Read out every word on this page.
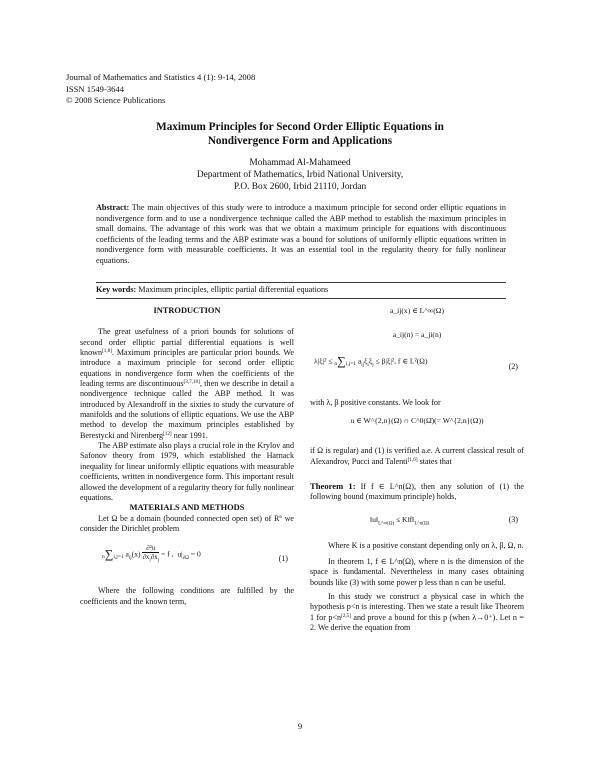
Journal of Mathematics and Statistics 4 (1): 9-14, 2008
ISSN 1549-3644
© 2008 Science Publications
Maximum Principles for Second Order Elliptic Equations in
Nondivergence Form and Applications
Mohammad Al-Mahameed
Department of Mathematics, Irbid National University,
P.O. Box 2600, Irbid 21110, Jordan
Abstract: The main objectives of this study were to introduce a maximum principle for second order elliptic equations in nondivergence form and to use a nondivergence technique called the ABP method to establish the maximum principles in small domains. The advantage of this work was that we obtain a maximum principle for equations with discontinuous coefficients of the leading terms and the ABP estimate was a bound for solutions of uniformly elliptic equations written in nondivergence form with measurable coefficients. It was an essential tool in the regularity theory for fully nonlinear equations.
Key words: Maximum principles, elliptic partial differential equations
INTRODUCTION

The great usefulness of a priori bounds for solutions of second order elliptic partial differential equations is well known[1,8]. Maximum principles are particular priori bounds. We introduce a maximum principle for second order elliptic equations in nondivergence form when the coefficients of the leading terms are discontinuous[3,7,10], then we describe in detail a nondivergence technique called the ABP method. It was introduced by Alexandroff in the sixties to study the curvature of manifolds and the solutions of elliptic equations. We use the ABP method to develop the maximum principles established by Berestycki and Nirenberg[12] near 1991.

The ABP estimate also plays a crucial role in the Krylov and Safonov theory from 1979, which established the Harnack inequality for linear uniformly elliptic equations with measurable coefficients, written in nondivergence form. This important result allowed the development of a regularity theory for fully nonlinear equations.

MATERIALS AND METHODS

Let Ω be a domain (bounded connected open set) of $R^n$ we consider the Dirichlet problem

n∑i,j=1 $a_{ij}(x) \frac{\text{∂²u}}{\partial x_i\partial x_j} = f$ ,  $u|_{\partial\Omega} = 0$
(1)

Where the following conditions are fulfilled by the coefficients and the known term,

a_ij(x) ∈ L^∞(Ω)
a_ij(n) = a_ji(n)
λ|ξ|² ≤ n∑i,j=1 $a_{ij}\xi_i\xi_j \le \beta|\xi|^2$, f ∈ L²(Ω)
(2)

with λ, β positive constants. We look for

u ∈ W^{2,n}(Ω) ∩ C^0(Ω̄)(= W^{2,n}(Ω))

if Ω is regular) and (1) is verified a.e. A current classical result of Alexandrov, Pucci and Talenti[1,6] states that

Theorem 1: If f ∈ L^n(Ω), then any solution of (1) the following bound (maximum principle) holds,

$‖u‖_{L\^{}\infty(\Omega)}$ ≤ $K‖f‖_{L\^{}n(\Omega)}$
(3)

Where K is a positive constant depending only on λ, β, Ω, n.

In theorem 1, f ∈ L^n(Ω), where n is the dimension of the space is fundamental. Nevertheless in many cases obtaining bounds like (3) with some power p less than n can be useful.

In this study we construct a physical case in which the hypothesis p<n is interesting. Then we state a result like Theorem 1 for p<n[2,5] and prove a bound for this p (when λ→0⁺). Let n = 2. We derive the equation from

9
